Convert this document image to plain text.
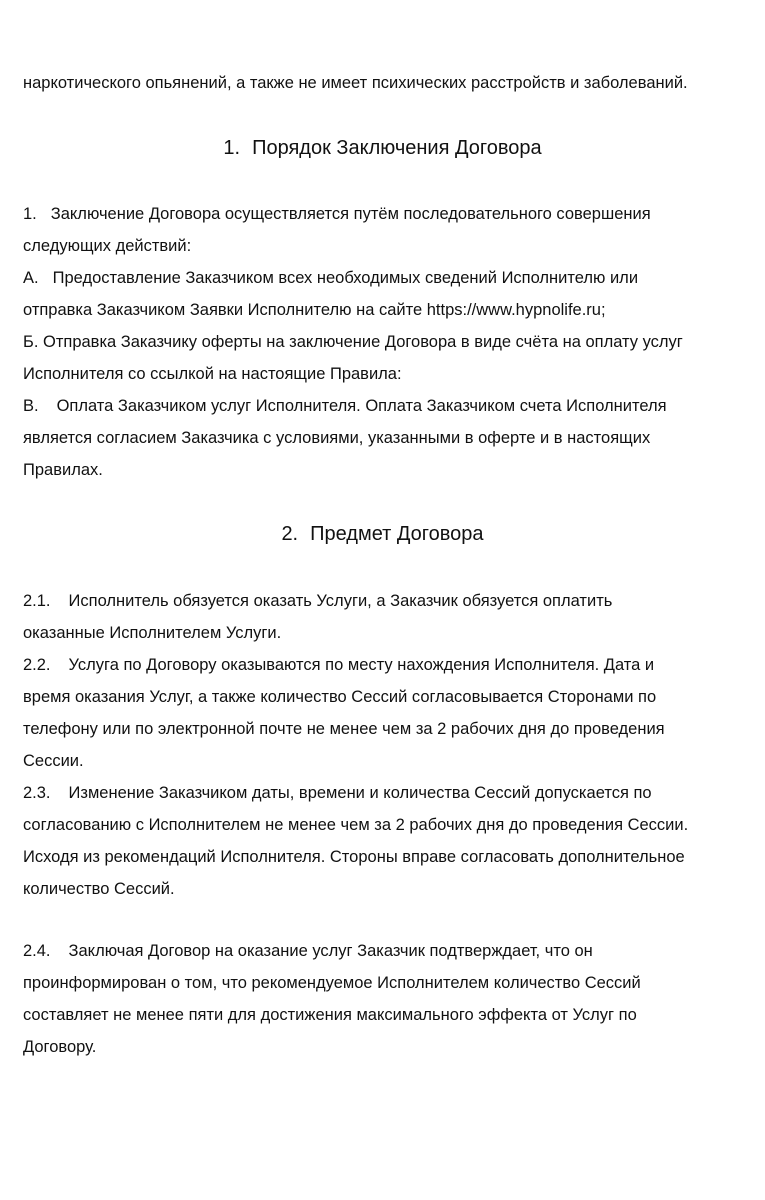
наркотического опьянений, а также не имеет психических расстройств и заболеваний.
1. Порядок Заключения Договора
1. Заключение Договора осуществляется путём последовательного совершения
следующих действий:
А. Предоставление Заказчиком всех необходимых сведений Исполнителю или
отправка Заказчиком Заявки Исполнителю на сайте https://www.hypnolife.ru;
Б. Отправка Заказчику оферты на заключение Договора в виде счёта на оплату услуг
Исполнителя со ссылкой на настоящие Правила:
В. Оплата Заказчиком услуг Исполнителя. Оплата Заказчиком счета Исполнителя
является согласием Заказчика с условиями, указанными в оферте и в настоящих
Правилах.
2. Предмет Договора
2.1. Исполнитель обязуется оказать Услуги, а Заказчик обязуется оплатить
оказанные Исполнителем Услуги.
2.2. Услуга по Договору оказываются по месту нахождения Исполнителя. Дата и
время оказания Услуг, а также количество Сессий согласовывается Сторонами по
телефону или по электронной почте не менее чем за 2 рабочих дня до проведения
Сессии.
2.3. Изменение Заказчиком даты, времени и количества Сессий допускается по
согласованию с Исполнителем не менее чем за 2 рабочих дня до проведения Сессии.
Исходя из рекомендаций Исполнителя. Стороны вправе согласовать дополнительное
количество Сессий.
2.4. Заключая Договор на оказание услуг Заказчик подтверждает, что он
проинформирован о том, что рекомендуемое Исполнителем количество Сессий
составляет не менее пяти для достижения максимального эффекта от Услуг по
Договору.
